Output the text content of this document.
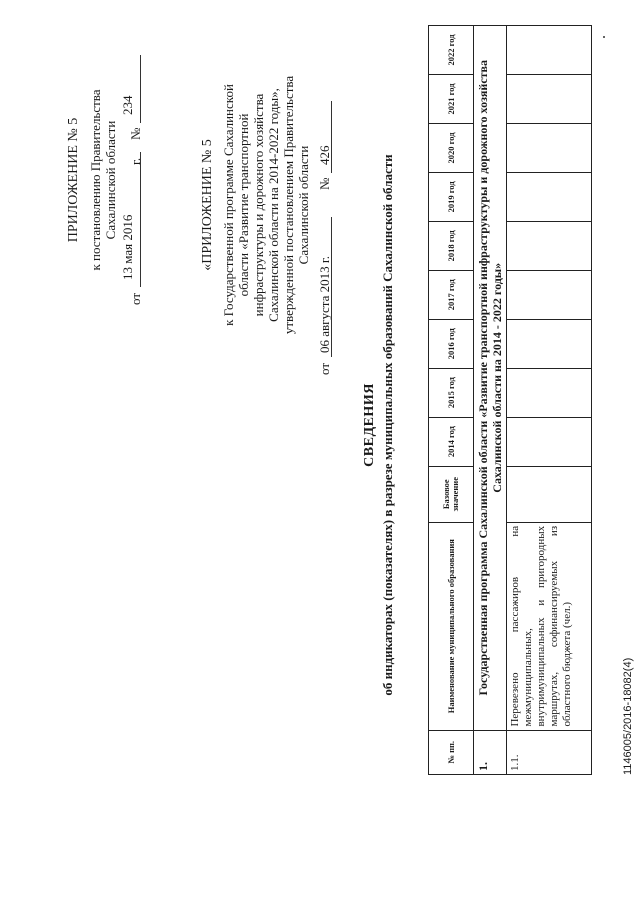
ПРИЛОЖЕНИЕ № 5 к постановлению Правительства Сахалинской области
от
13 мая 2016
г.
№
234
«ПРИЛОЖЕНИЕ № 5 к Государственной программе Сахалинской области «Развитие транспортной инфраструктуры и дорожного хозяйства Сахалинской области на 2014-2022 годы», утвержденной постановлением Правительства Сахалинской области
от
06 августа 2013 г.
№
426
СВЕДЕНИЯ об индикаторах (показателях) в разрезе муниципальных образований Сахалинской области
№ пп.	Наименование муниципального образования	Базовое значение	2014 год	2015 год	2016 год	2017 год	2018 год	2019 год	2020 год	2021 год	2022 год
1.	Государственная программа Сахалинской области «Развитие транспортной инфраструктуры и дорожного хозяйства Сахалинской области на 2014 - 2022 годы»										
1.1.	Перевезено пассажиров на межмуниципальных, внутримуниципальных и пригородных маршрутах, софинансируемых из областного бюджета (чел.)											1146005/2016-18082(4)
